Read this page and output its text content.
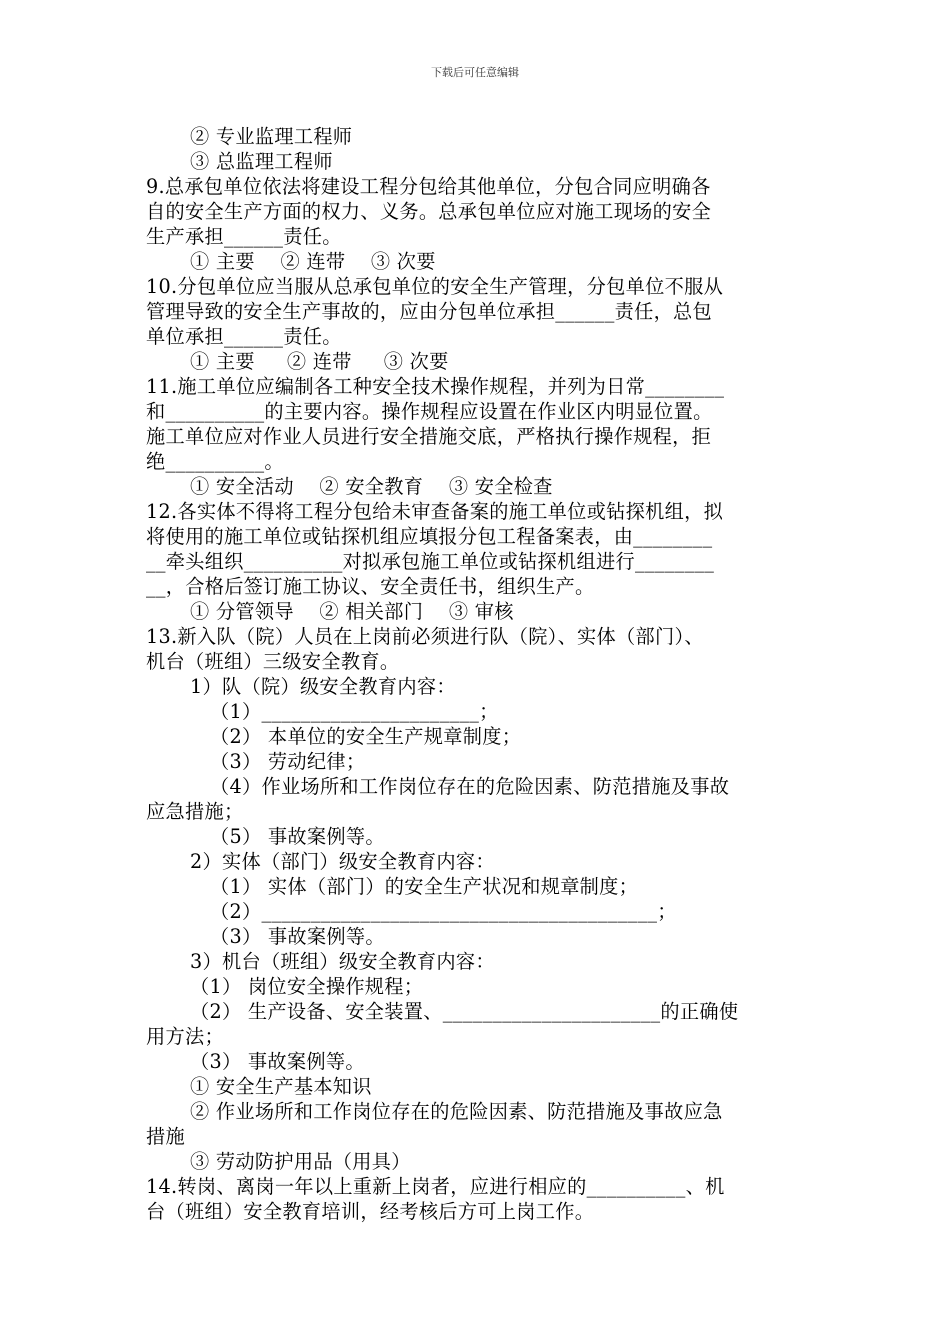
下载后可任意编辑
② 专业监理工程师
③ 总监理工程师
9.总承包单位依法将建设工程分包给其他单位，分包合同应明确各
自的安全生产方面的权力、义务。总承包单位应对施工现场的安全
生产承担______责任。
① 主要    ② 连带    ③ 次要
10.分包单位应当服从总承包单位的安全生产管理，分包单位不服从
管理导致的安全生产事故的，应由分包单位承担______责任，总包
单位承担______责任。
① 主要     ② 连带     ③ 次要
11.施工单位应编制各工种安全技术操作规程，并列为日常________
和__________的主要内容。操作规程应设置在作业区内明显位置。
施工单位应对作业人员进行安全措施交底，严格执行操作规程，拒
绝__________。
① 安全活动    ② 安全教育    ③ 安全检查
12.各实体不得将工程分包给未审查备案的施工单位或钻探机组，拟
将使用的施工单位或钻探机组应填报分包工程备案表，由________
__牵头组织__________对拟承包施工单位或钻探机组进行________
__，合格后签订施工协议、安全责任书，组织生产。
① 分管领导    ② 相关部门    ③ 审核
13.新入队（院）人员在上岗前必须进行队（院）、实体（部门）、
机台（班组）三级安全教育。
1）队（院）级安全教育内容：
（1）______________________；
（2） 本单位的安全生产规章制度；
（3） 劳动纪律；
（4）作业场所和工作岗位存在的危险因素、防范措施及事故
应急措施；
（5） 事故案例等。
2）实体（部门）级安全教育内容：
（1） 实体（部门）的安全生产状况和规章制度；
（2）________________________________________；
（3） 事故案例等。
3）机台（班组）级安全教育内容：
（1） 岗位安全操作规程；
（2） 生产设备、安全装置、______________________的正确使
用方法；
（3） 事故案例等。
① 安全生产基本知识
② 作业场所和工作岗位存在的危险因素、防范措施及事故应急
措施
③ 劳动防护用品（用具）
14.转岗、离岗一年以上重新上岗者，应进行相应的__________、机
台（班组）安全教育培训，经考核后方可上岗工作。
